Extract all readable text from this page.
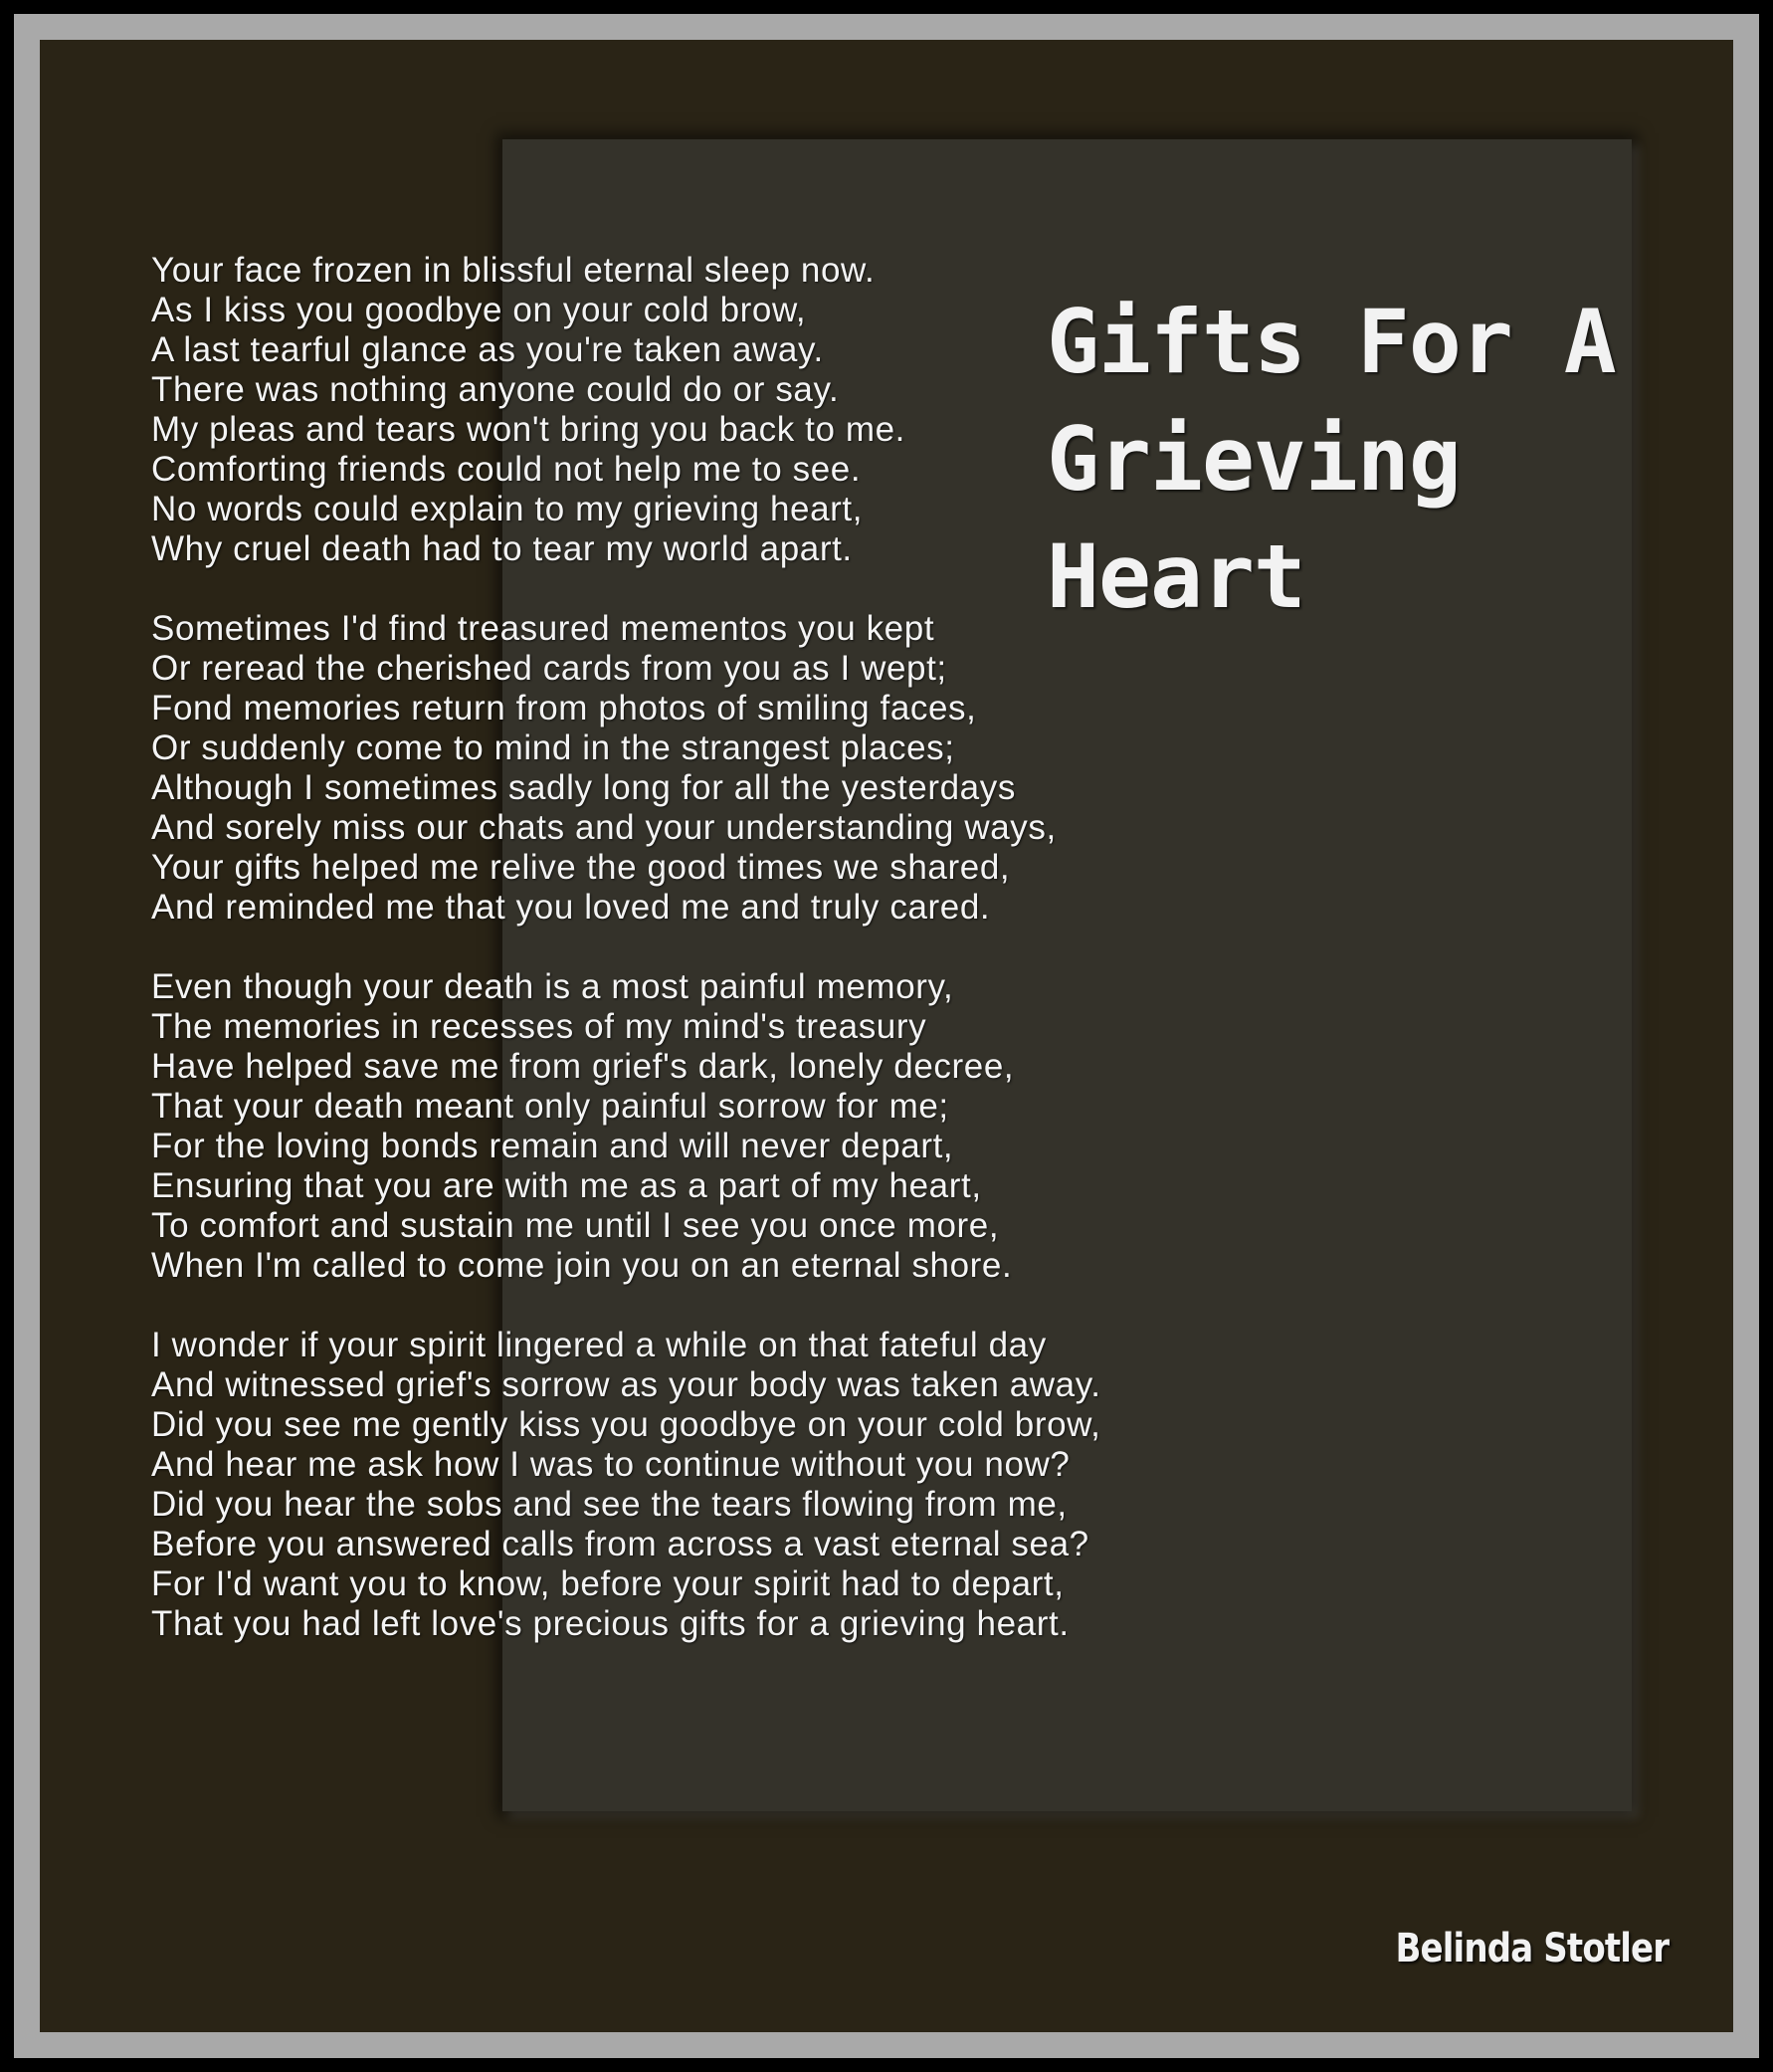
Gifts For A
Grieving
Heart
Your face frozen in blissful eternal sleep now.
As I kiss you goodbye on your cold brow,
A last tearful glance as you're taken away.
There was nothing anyone could do or say.
My pleas and tears won't bring you back to me.
Comforting friends could not help me to see.
No words could explain to my grieving heart,
Why cruel death had to tear my world apart.
Sometimes I'd find treasured mementos you kept
Or reread the cherished cards from you as I wept;
Fond memories return from photos of smiling faces,
Or suddenly come to mind in the strangest places;
Although I sometimes sadly long for all the yesterdays
And sorely miss our chats and your understanding ways,
Your gifts helped me relive the good times we shared,
And reminded me that you loved me and truly cared.
Even though your death is a most painful memory,
The memories in recesses of my mind's treasury
Have helped save me from grief's dark, lonely decree,
That your death meant only painful sorrow for me;
For the loving bonds remain and will never depart,
Ensuring that you are with me as a part of my heart,
To comfort and sustain me until I see you once more,
When I'm called to come join you on an eternal shore.
I wonder if your spirit lingered a while on that fateful day
And witnessed grief's sorrow as your body was taken away.
Did you see me gently kiss you goodbye on your cold brow,
And hear me ask how I was to continue without you now?
Did you hear the sobs and see the tears flowing from me,
Before you answered calls from across a vast eternal sea?
For I'd want you to know, before your spirit had to depart,
That you had left love's precious gifts for a grieving heart.
Belinda Stotler
